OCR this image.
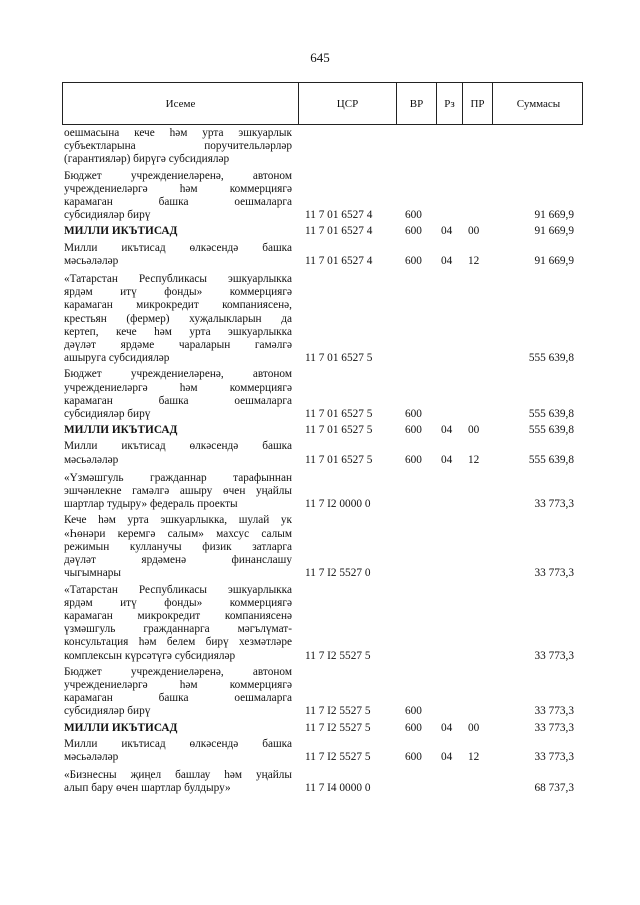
645
Исеме	ЦСР	ВР	Рз	ПР	Суммасы
оешмасына кече һәм урта эшкуарлык
субъектларына поручительләрләр
(гарантияләр) бирүгә субсидияләр
Бюджет учреждениеләренә, автоном
учреждениеләргә һәм коммерциягә
карамаган башка оешмаларга
субсидияләр бирү	11 7 01 6527 4	600	91 669,9
МИЛЛИ ИКЪТИСАД	11 7 01 6527 4	600 04 00	91 669,9
Милли икътисад өлкәсендә башка
мәсьәләләр	11 7 01 6527 4	600 04 12	91 669,9
«Татарстан Республикасы эшкуарлыкка
ярдәм итү фонды» коммерциягә
карамаган микрокредит компаниясенә,
крестьян (фермер) хуҗалыкларын да
кертеп, кече һәм урта эшкуарлыкка
дәүләт ярдәме чараларын гамәлгә
ашыруга субсидияләр	11 7 01 6527 5	555 639,8
Бюджет учреждениеләренә, автоном
учреждениеләргә һәм коммерциягә
карамаган башка оешмаларга
субсидияләр бирү	11 7 01 6527 5	600	555 639,8
МИЛЛИ ИКЪТИСАД	11 7 01 6527 5	600 04 00	555 639,8
Милли икътисад өлкәсендә башка
мәсьәләләр	11 7 01 6527 5	600 04 12	555 639,8
«Үзмәшгуль гражданнар тарафыннан
эшчәнлекне гамәлгә ашыру өчен уңайлы
шартлар тудыру» федераль проекты	11 7 I2 0000 0	33 773,3
Кече һәм урта эшкуарлыкка, шулай ук
«Һөнәри керемгә салым» махсус салым
режимын кулланучы физик затларга
дәүләт ярдәменә финанслашу
чыгымнары	11 7 I2 5527 0	33 773,3
«Татарстан Республикасы эшкуарлыкка
ярдәм итү фонды» коммерциягә
карамаган микрокредит компаниясенә
үзмәшгуль гражданнарга мәгълүмат-
консультация һәм белем бирү хезмәтләре
комплексын күрсәтүгә субсидияләр	11 7 I2 5527 5	33 773,3
Бюджет учреждениеләренә, автоном
учреждениеләргә һәм коммерциягә
карамаган башка оешмаларга
субсидияләр бирү	11 7 I2 5527 5	600	33 773,3
МИЛЛИ ИКЪТИСАД	11 7 I2 5527 5	600 04 00	33 773,3
Милли икътисад өлкәсендә башка
мәсьәләләр	11 7 I2 5527 5	600 04 12	33 773,3
«Бизнесны җиңел башлау һәм уңайлы
алып бару өчен шартлар булдыру»	11 7 I4 0000 0	68 737,3
